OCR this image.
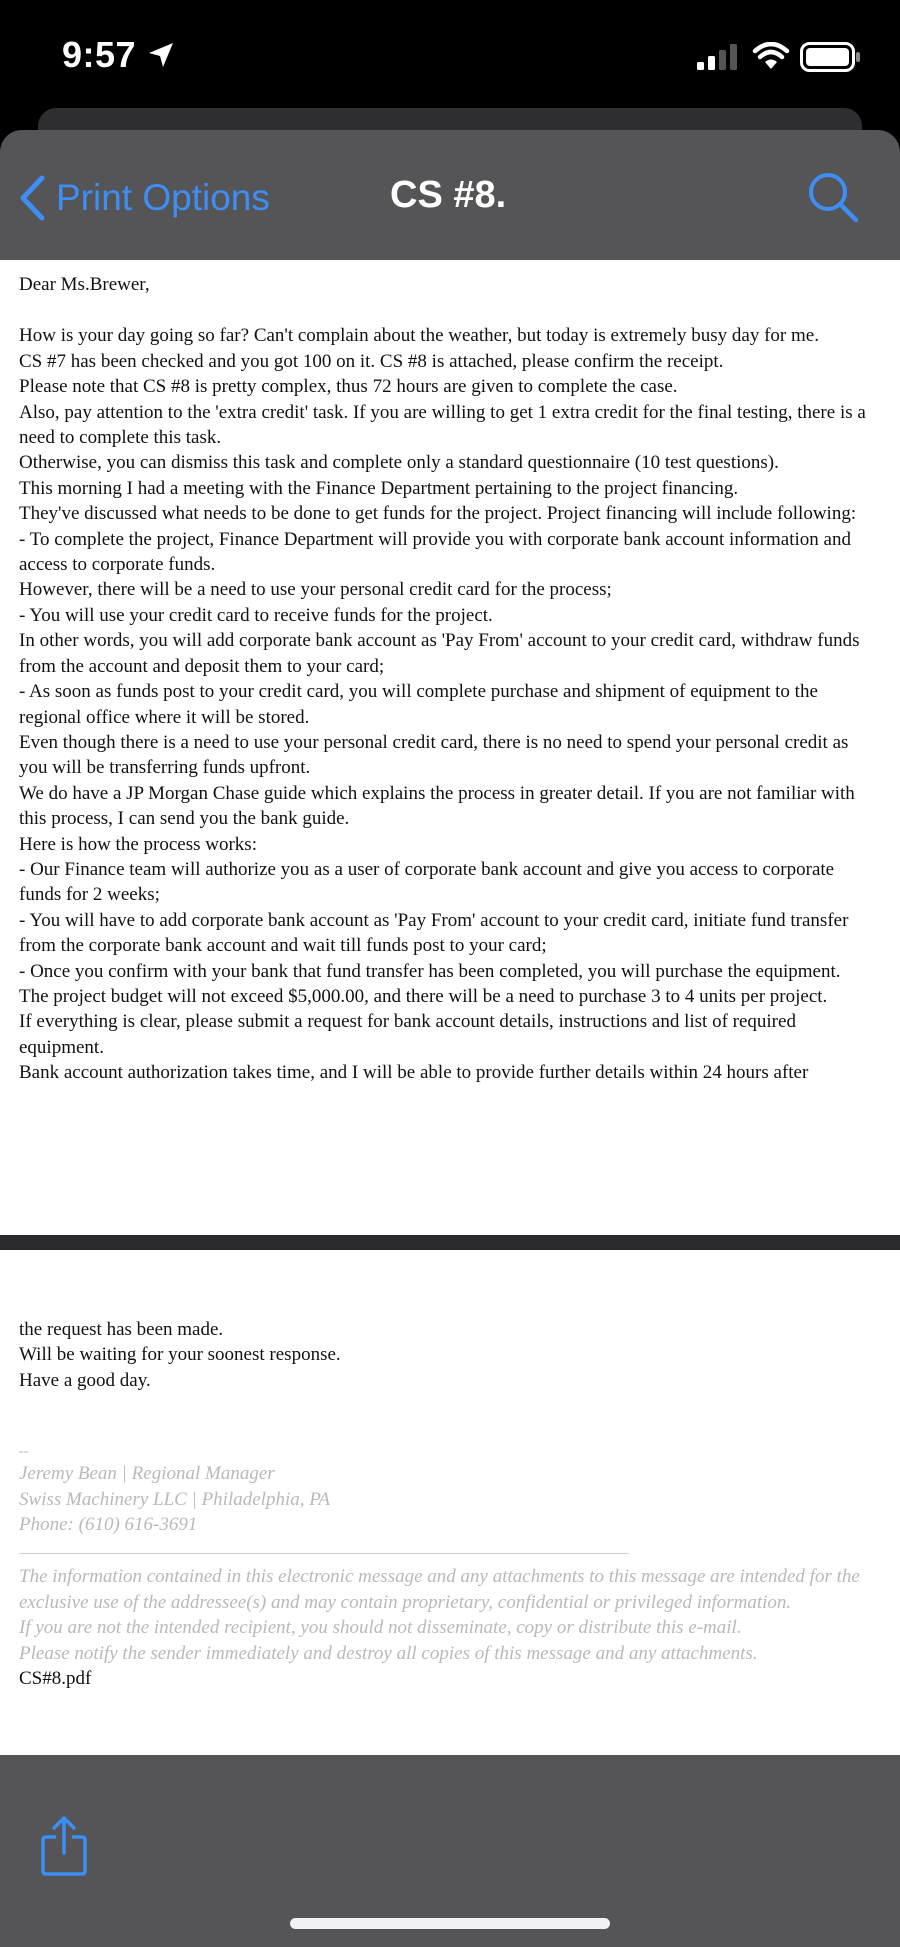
9:57
Print Options	CS #8.

Dear Ms.Brewer,

How is your day going so far? Can't complain about the weather, but today is extremely busy day for me.

CS #7 has been checked and you got 100 on it. CS #8 is attached, please confirm the receipt.

Please note that CS #8 is pretty complex, thus 72 hours are given to complete the case.

Also, pay attention to the 'extra credit' task. If you are willing to get 1 extra credit for the final testing, there is a need to complete this task.

Otherwise, you can dismiss this task and complete only a standard questionnaire (10 test questions).

This morning I had a meeting with the Finance Department pertaining to the project financing.

They've discussed what needs to be done to get funds for the project. Project financing will include following:

- To complete the project, Finance Department will provide you with corporate bank account information and access to corporate funds.

However, there will be a need to use your personal credit card for the process;

- You will use your credit card to receive funds for the project.

In other words, you will add corporate bank account as 'Pay From' account to your credit card, withdraw funds from the account and deposit them to your card;

- As soon as funds post to your credit card, you will complete purchase and shipment of equipment to the regional office where it will be stored.

Even though there is a need to use your personal credit card, there is no need to spend your personal credit as you will be transferring funds upfront.

We do have a JP Morgan Chase guide which explains the process in greater detail. If you are not familiar with this process, I can send you the bank guide.

Here is how the process works:

- Our Finance team will authorize you as a user of corporate bank account and give you access to corporate funds for 2 weeks;

- You will have to add corporate bank account as 'Pay From' account to your credit card, initiate fund transfer from the corporate bank account and wait till funds post to your card;

- Once you confirm with your bank that fund transfer has been completed, you will purchase the equipment.

The project budget will not exceed $5,000.00, and there will be a need to purchase 3 to 4 units per project.

If everything is clear, please submit a request for bank account details, instructions and list of required equipment.

Bank account authorization takes time, and I will be able to provide further details within 24 hours after

the request has been made.

Will be waiting for your soonest response.

Have a good day.

--

Jeremy Bean | Regional Manager

Swiss Machinery LLC | Philadelphia, PA

Phone: (610) 616-3691

The information contained in this electronic message and any attachments to this message are intended for the exclusive use of the addressee(s) and may contain proprietary, confidential or privileged information.

If you are not the intended recipient, you should not disseminate, copy or distribute this e-mail.

Please notify the sender immediately and destroy all copies of this message and any attachments.

CS#8.pdf
